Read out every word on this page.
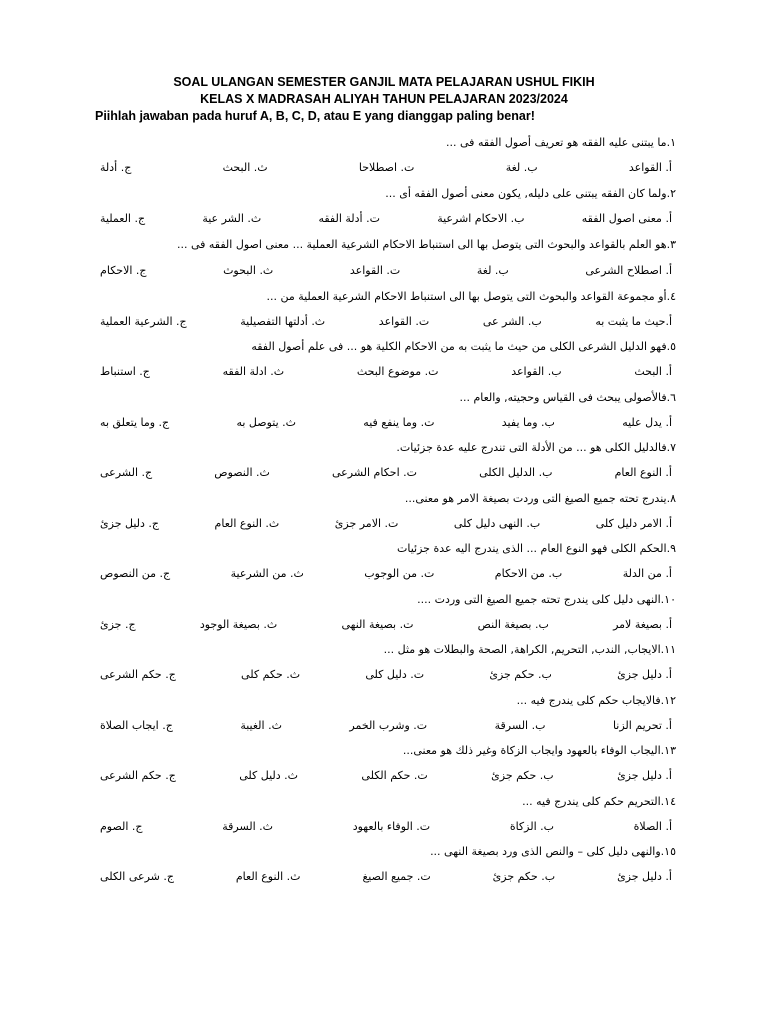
SOAL ULANGAN SEMESTER GANJIL MATA PELAJARAN USHUL FIKIH
KELAS X MADRASAH ALIYAH TAHUN PELAJARAN 2023/2024
Piihlah jawaban pada huruf A, B, C, D, atau E yang dianggap paling benar!
١.ما يبتنى عليه الفقه هو تعريف أصول الفقه فى ...
أ. القواعد
ب. لغة
ت. اصطلاحا
ث. البحث
ج. أدلة
٢.ولما كان الفقه يبتنى على دليله, يكون معنى أصول الفقه أى ...
أ. معنى اصول الفقه
ب. الاحكام اشرعية
ت. أدلة الفقه
ث. الشر عية
ج. العملية
٣.هو العلم بالقواعد والبحوث التى يتوصل بها الى استنباط الاحكام الشرعية العملية ... معنى اصول الفقه فى ...
أ. اصطلاح الشرعى
ب. لغة
ت. القواعد
ث. البحوث
ج. الاحكام
٤.أو مجموعة القواعد والبحوث التى يتوصل بها الى استنباط الاحكام الشرعية العملية من ...
أ.حيث ما يثبت به
ب. الشر عى
ت. القواعد
ث. أدلتها التفصيلية
ج. الشرعية العملية
٥.فهو الدليل الشرعى الكلى من حيث ما يثبت به من الاحكام الكلية هو ... فى علم أصول الفقه
أ. البحث
ب. القواعد
ت. موضوع البحث
ث. ادلة الفقه
ج. استنباط
٦.فالأصولى يبحث فى القياس وحجيته, والعام ...
أ. يدل عليه
ب. وما يفيد
ت. وما ينفع فيه
ث. يتوصل به
ج. وما يتعلق به
٧.فالدليل الكلى هو ... من الأدلة التى تندرج عليه عدة جزئيات.
أ. النوع العام
ب. الدليل الكلى
ت. احكام الشرعى
ث. النصوص
ج. الشرعى
٨.يندرج تحته جميع الصيغ التى وردت بصيغة الامر هو معنى...
أ. الامر دليل كلى
ب. النهى دليل كلى
ت. الامر جزئ
ث. النوع العام
ج. دليل جزئ
٩.الحكم الكلى فهو النوع العام ... الذى يندرج اليه عدة جزئيات
أ. من الدلة
ب. من الاحكام
ت. من الوجوب
ث. من الشرعية
ج. من النصوص
١٠.النهى دليل كلى يندرج تحته جميع الصيغ التى وردت ....
أ. بصيغة لامر
ب. بصيغة النص
ت. بصيغة النهى
ث. بصيغة الوجود
ج. جزئ
١١.الايجاب, الندب, التحريم, الكراهة, الصحة والبطلات هو مثل ...
أ. دليل جزئ
ب. حكم جزئ
ت. دليل كلى
ث. حكم كلى
ج. حكم الشرعى
١٢.فالايجاب حكم كلى يندرج فيه ...
أ. تحريم الزنا
ب. السرقة
ت. وشرب الخمر
ث. الغيبة
ج. ايجاب الصلاة
١٣.اليجاب الوفاء بالعهود وايجاب الزكاة وغير ذلك هو معنى...
أ. دليل جزئ
ب. حكم جزئ
ت. حكم الكلى
ث. دليل كلى
ج. حكم الشرعى
١٤.التحريم حكم كلى يندرج فيه ...
أ. الصلاة
ب. الزكاة
ت. الوفاء بالعهود
ث. السرقة
ج. الصوم
١٥.والنهى دليل كلى – والنص الذى ورد بصيغة النهى ...
أ. دليل جزئ
ب. حكم جزئ
ت. جميع الصيغ
ث. النوع العام
ج. شرعى الكلى
